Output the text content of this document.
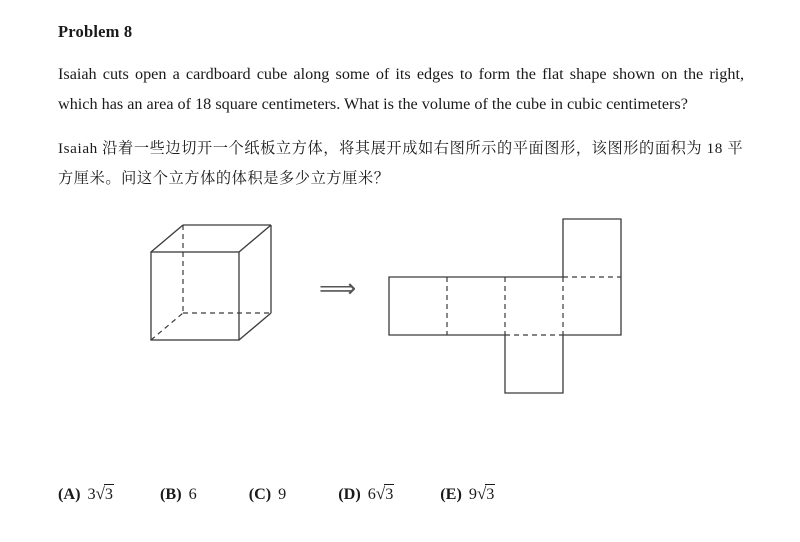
Problem 8

Isaiah cuts open a cardboard cube along some of its edges to form the flat shape shown on the right, which has an area of 18 square centimeters. What is the volume of the cube in cubic centimeters?

Isaiah 沿着一些边切开一个纸板立方体，将其展开成如右图所示的平面图形，该图形的面积为 18 平方厘米。问这个立方体的体积是多少立方厘米？

⟹
(A) 3√3	(B) 6	(C) 9	(D) 6√3	(E) 9√3
